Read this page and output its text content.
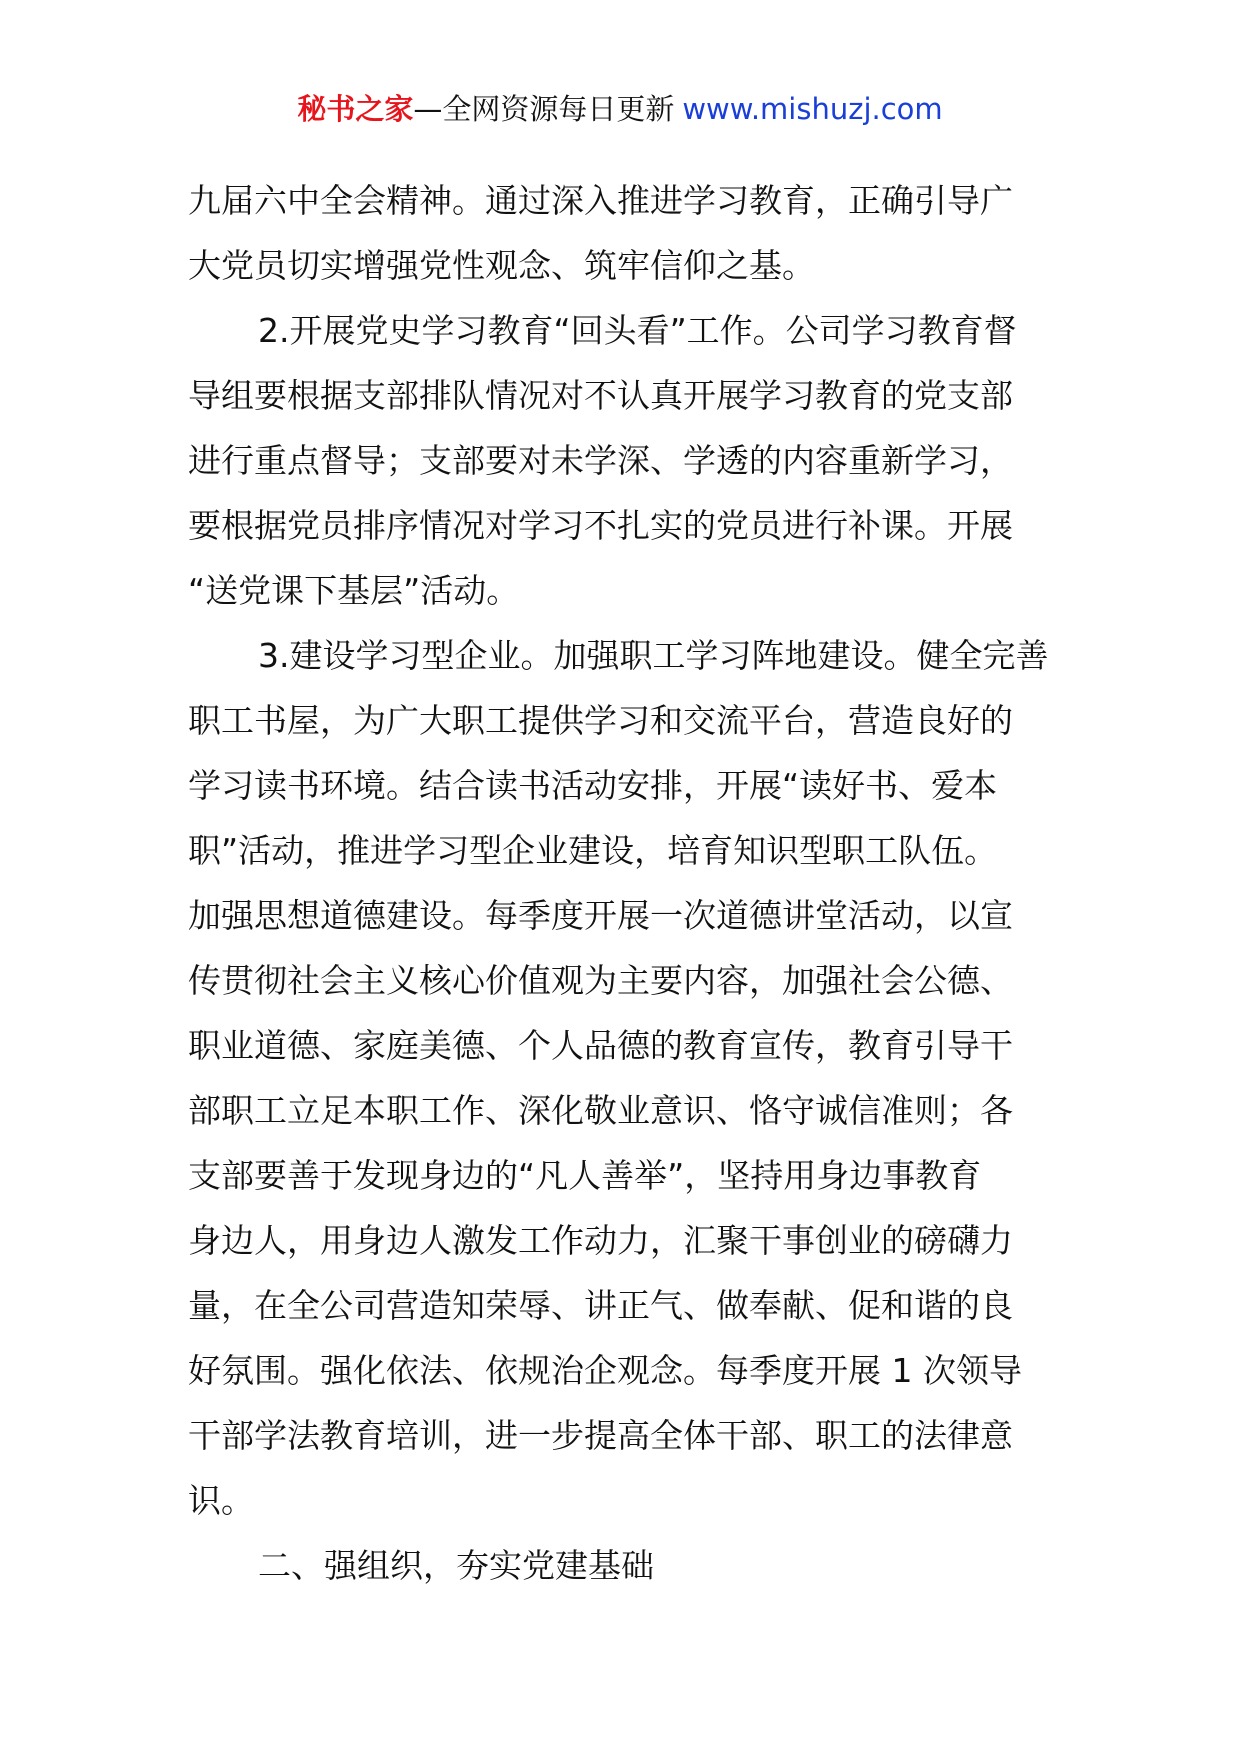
秘书之家—全网资源每日更新 www.mishuzj.com
九届六中全会精神。通过深入推进学习教育，正确引导广
大党员切实增强党性观念、筑牢信仰之基。
2.开展党史学习教育“回头看”工作。公司学习教育督
导组要根据支部排队情况对不认真开展学习教育的党支部
进行重点督导；支部要对未学深、学透的内容重新学习，
要根据党员排序情况对学习不扎实的党员进行补课。开展
“送党课下基层”活动。
3.建设学习型企业。加强职工学习阵地建设。健全完善
职工书屋，为广大职工提供学习和交流平台，营造良好的
学习读书环境。结合读书活动安排，开展“读好书、爱本
职”活动，推进学习型企业建设，培育知识型职工队伍。
加强思想道德建设。每季度开展一次道德讲堂活动，以宣
传贯彻社会主义核心价值观为主要内容，加强社会公德、
职业道德、家庭美德、个人品德的教育宣传，教育引导干
部职工立足本职工作、深化敬业意识、恪守诚信准则；各
支部要善于发现身边的“凡人善举”，坚持用身边事教育
身边人，用身边人激发工作动力，汇聚干事创业的磅礴力
量，在全公司营造知荣辱、讲正气、做奉献、促和谐的良
好氛围。强化依法、依规治企观念。每季度开展 1 次领导
干部学法教育培训，进一步提高全体干部、职工的法律意
识。
二、强组织，夯实党建基础
